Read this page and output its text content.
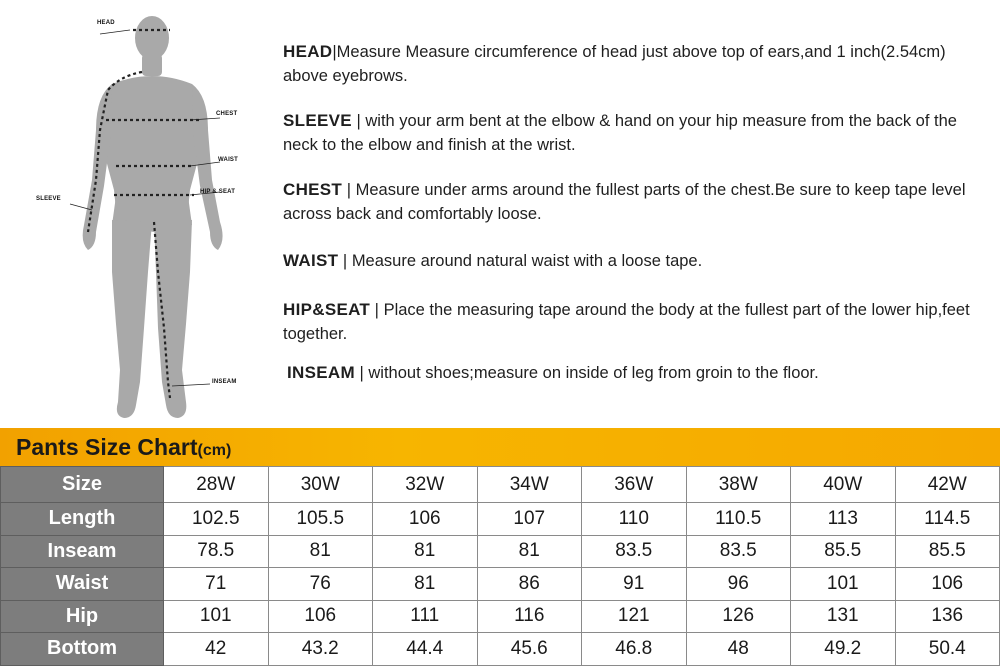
HEAD
CHEST
WAIST
HIP & SEAT
SLEEVE
INSEAM
HEAD|Measure Measure circumference of head just above top of ears,and 1 inch(2.54cm) above eyebrows.
SLEEVE | with your arm bent at the elbow & hand on your hip measure from the back of the neck to the elbow and finish at the wrist.
CHEST | Measure under arms around the fullest parts of the chest.Be sure to keep tape level across back and comfortably loose.
WAIST | Measure around natural waist with a loose tape.
HIP&SEAT | Place the measuring tape around the body at the fullest part of the lower hip,feet together.
INSEAM | without shoes;measure on inside of leg from groin to the floor.
Pants Size Chart(cm)
Size	28W	30W	32W	34W	36W	38W	40W	42W
Length	102.5	105.5	106	107	110	110.5	113	114.5
Inseam	78.5	81	81	81	83.5	83.5	85.5	85.5
Waist	71	76	81	86	91	96	101	106
Hip	101	106	111	116	121	126	131	136
Bottom	42	43.2	44.4	45.6	46.8	48	49.2	50.4
